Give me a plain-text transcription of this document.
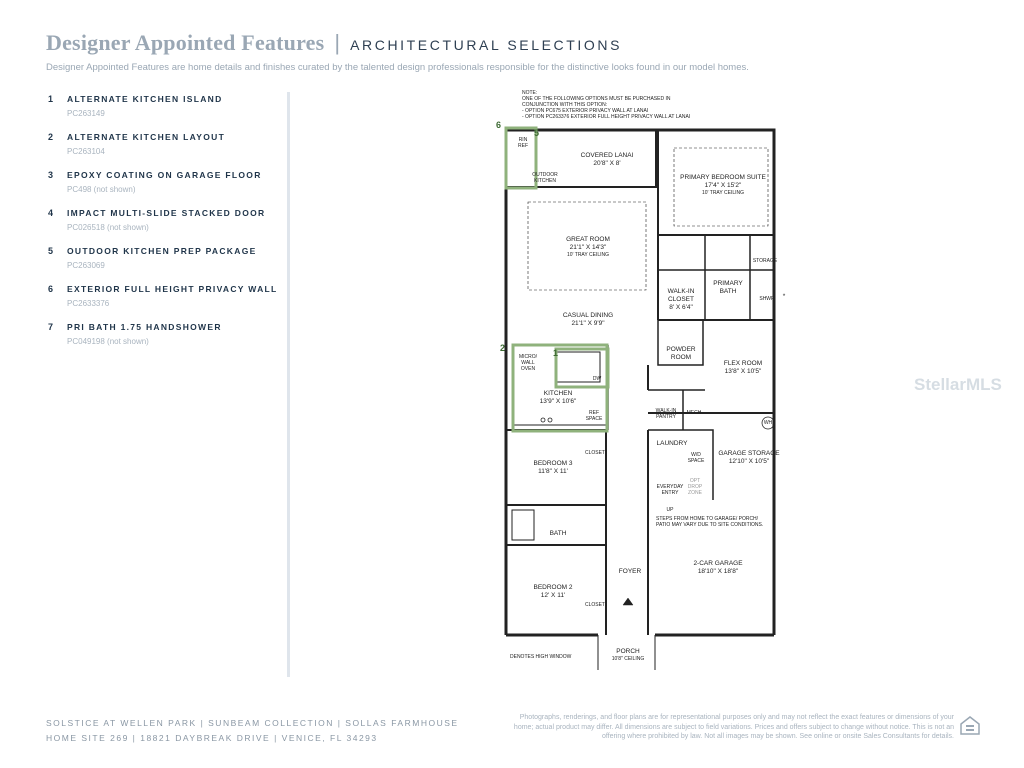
Designer Appointed Features | ARCHITECTURAL SELECTIONS
Designer Appointed Features are home details and finishes curated by the talented design professionals responsible for the distinctive looks found in our model homes.
1	ALTERNATE KITCHEN ISLAND
PC263149
2	ALTERNATE KITCHEN LAYOUT
PC263104
3	EPOXY COATING ON GARAGE FLOOR
PC498 (not shown)
4	IMPACT MULTI-SLIDE STACKED DOOR
PC026518 (not shown)
5	OUTDOOR KITCHEN PREP PACKAGE
PC263069
6	EXTERIOR FULL HEIGHT PRIVACY WALL
PC2633376
7	PRI BATH 1.75 HANDSHOWER
PC049198 (not shown)
NOTE:
ONE OF THE FOLLOWING OPTIONS MUST BE PURCHASED IN
CONJUNCTION WITH THIS OPTION:
- OPTION PC675 EXTERIOR PRIVACY WALL AT LANAI
- OPTION PC263376 EXTERIOR FULL HEIGHT PRIVACY WALL AT LANAI
6
5
2	1
RIN REF
COVERED LANAI
20'8" X 8'
OUTDOOR KITCHEN	PRIMARY BEDROOM SUITE
17'4" X 15'2"
10' TRAY CEILING
GREAT ROOM
21'1" X 14'3"
10' TRAY CEILING
STORAGE
PRIMARY BATH
WALK-IN CLOSET
8' X 6'4"
SHWR	*
CASUAL DINING
21'1" X 9'9"
POWDER ROOM
MICRO/ WALL OVEN
DW
FLEX ROOM
13'8" X 10'5"
KITCHEN
13'9" X 10'6"
REF SPACE
WALK-IN PANTRY
MECH
WH
CLOSET
BEDROOM 3
11'8" X 11'
LAUNDRY
W/D SPACE
GARAGE STORAGE
12'10" X 10'5"
EVERYDAY ENTRY
OPT DROP ZONE
UP
STEPS FROM HOME TO GARAGE/ PORCH/ PATIO MAY VARY DUE TO SITE CONDITIONS.
BATH
FOYER
2-CAR GARAGE
18'10" X 18'8"
BEDROOM 2
12' X 11'
CLOSET
PORCH
10'8" CEILING
DENOTES HIGH WINDOW
StellarMLS
SOLSTICE AT WELLEN PARK | SUNBEAM COLLECTION | SOLLAS FARMHOUSE
HOME SITE 269 | 18821 DAYBREAK DRIVE | VENICE, FL 34293
Photographs, renderings, and floor plans are for representational purposes only and may not reflect the exact features or dimensions of your home; actual product may differ. All dimensions are subject to field variations. Prices and offers subject to change without notice. This is not an offering where prohibited by law. Not all images may be shown. See online or onsite Sales Consultants for details.
